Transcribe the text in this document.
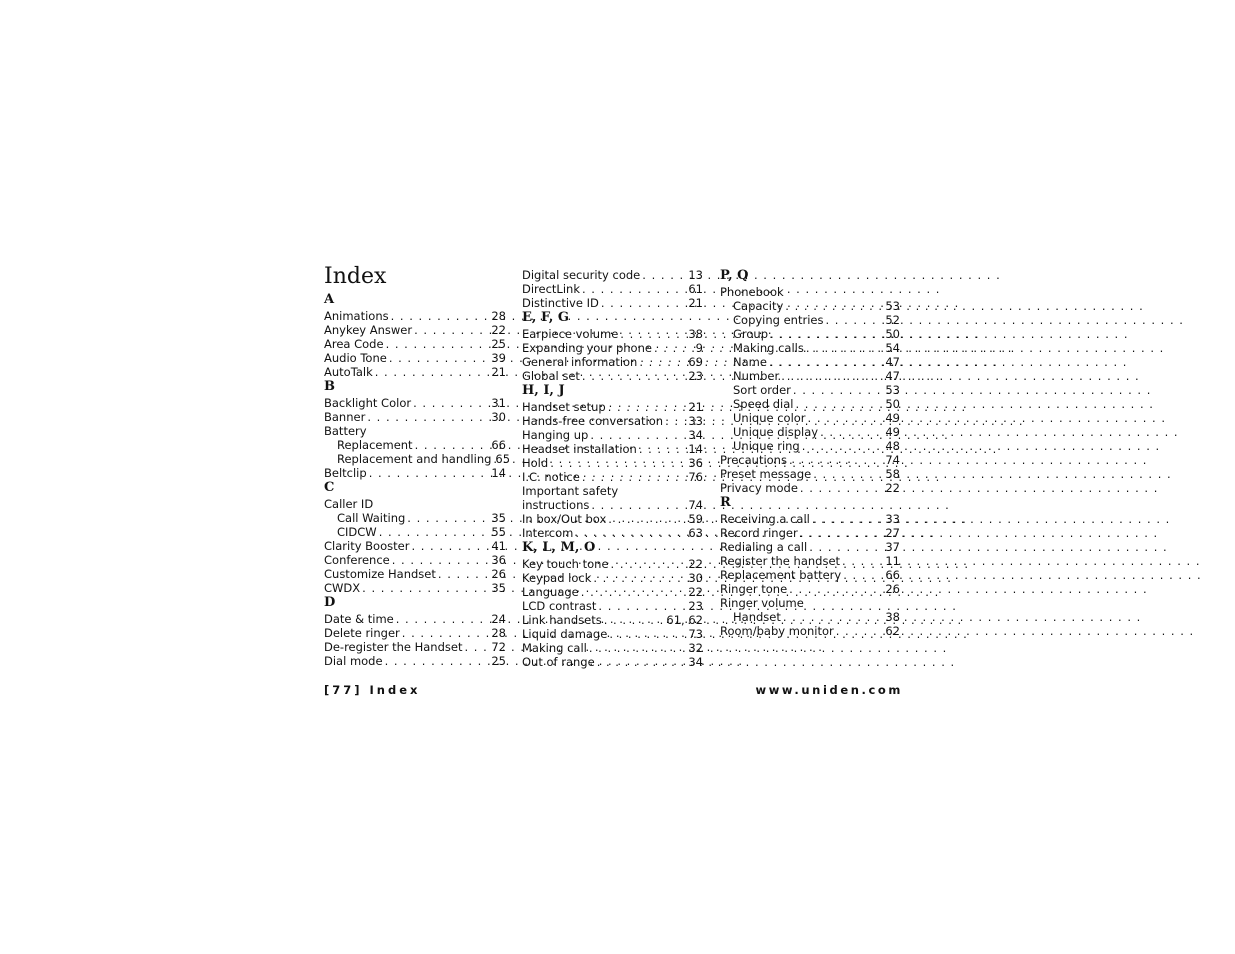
Index
A
Animations . . .	28
Anykey Answer . . .	22
Area Code . . .	25
Audio Tone . . .	39
AutoTalk . . .	21
B
Backlight Color . . .	31
Banner . . .	30
Battery
Replacement . . .	66
Replacement and handling . . . 65
Beltclip . . .	14
C
Caller ID
Call Waiting . . .	35
CIDCW . . .	55
Clarity Booster . . .	41
Conference . . .	36
Customize Handset . . .	26
CWDX . . .	35
D
Date & time . . .	24
Delete ringer . . .	28
De-register the Handset . . .	72
Dial mode . . .	25
Digital security code . . .	13
DirectLink . . .	61
Distinctive ID . . .	21
E, F, G
Earpiece volume . . .	38
Expanding your phone . . .	9
General information . . .	69
Global set . . .	23
H, I, J
Handset setup . . .	21
Hands-free conversation . . . 33
Hanging up . . .	34
Headset installation . . .	14
Hold . . .	36
I.C. notice . . .	76
Important safety
instructions . . .	74
In box/Out box . . .	59
Intercom . . .	63
K, L, M, O
Key touch tone . . .	22
Keypad lock . . .	30
Language . . .	22
LCD contrast . . .	23
Link handsets . . .	61, 62
Liquid damage . . .	73
Making call . . .	32
Out of range . . .	34
P, Q
Phonebook
Capacity . . .	53
Copying entries . . .	52
Group . . .	50
Making calls . . .	54
Name . . .	47
Number . . .	47
Sort order . . .	53
Speed dial . . .	50
Unique color . . .	49
Unique display . . .	49
Unique ring . . .	48
Precautions . . .	74
Preset message . . .	58
Privacy mode . . .	22
R
Receiving a call . . .	33
Record ringer . . .	27
Redialing a call . . .	37
Register the handset . . .	11
Replacement battery . . .	66
Ringer tone . . .	26
Ringer volume
Handset . . .	38
Room/baby monitor . . .	62
[77] Index	www.uniden.com
